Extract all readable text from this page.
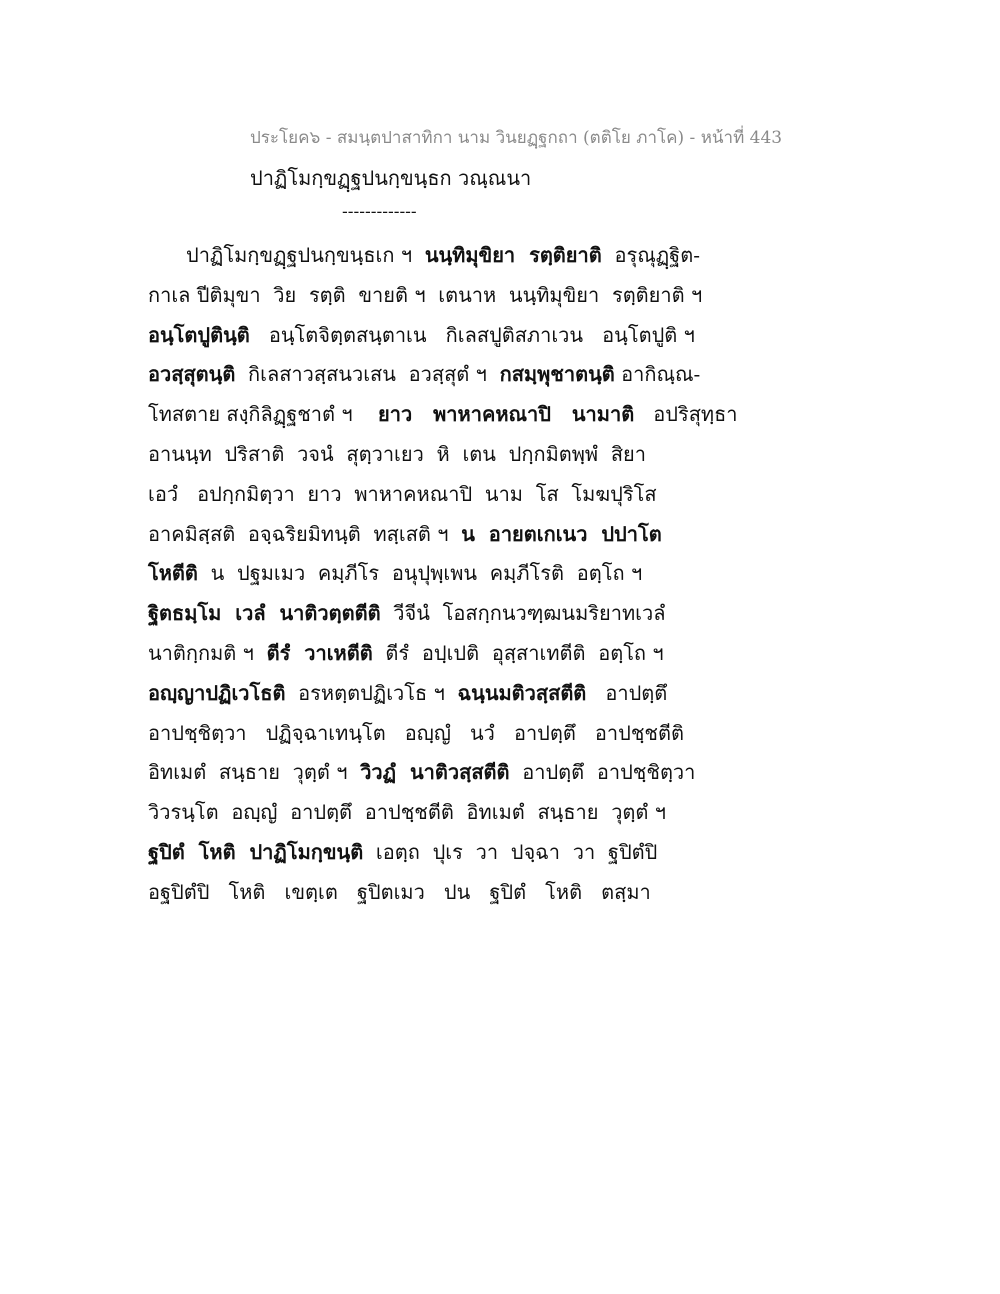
ประโยค๖ - สมนฺตปาสาทิกา นาม วินยฏฺฐกถา (ตติโย ภาโค) - หน้าที่ 443
ปาฏิโมกฺขฏฺฐปนกฺขนฺธก วณฺณนา
-------------
ปาฏิโมกฺขฏฺฐปนกฺขนฺธเก ฯ นนฺทิมุขิยา  รตฺติยาติ อรุณุฏฺฐิต-
กาเล ปีติมุขา  วิย  รตฺติ  ขายติ ฯ  เตนาห  นนฺทิมุขิยา  รตฺติยาติ ฯ
อนฺโตปูตินฺติ อนฺโตจิตฺตสนฺตาเน   กิเลสปูติสภาเวน   อนฺโตปูติ ฯ
อวสฺสุตนฺติ กิเลสาวสฺสนวเสน  อวสฺสุตํ ฯ กสมฺพุชาตนฺติ อากิณฺณ-
โทสตาย สงฺกิลิฏฺฐชาตํ ฯ ยาว   พาหาคหณาปิ   นามาติ อปริสุทฺธา
อานนฺท  ปริสาติ  วจนํ  สุตฺวาเยว  หิ  เตน  ปกฺกมิตพฺพํ  สิยา
เอวํ   อปกฺกมิตฺวา  ยาว  พาหาคหณาปิ  นาม  โส  โมฆปุริโส
อาคมิสฺสติ  อจฺฉริยมิทนฺติ  ทสฺเสติ ฯ น  อายตเกเนว  ปปาโต
โหตีติ น  ปฐมเมว  คมฺภีโร  อนุปุพฺเพน  คมฺภีโรติ  อตฺโถ ฯ
ฐิตธมฺโม  เวลํ  นาติวตฺตตีติ วีจีนํ  โอสกฺกนวฑฺฒนมริยาทเวลํ
นาติกฺกมติ ฯ ตีรํ  วาเหตีติ ตีรํ  อปฺเปติ  อุสฺสาเทตีติ  อตฺโถ ฯ
อญฺญาปฏิเวโธติ อรหตฺตปฏิเวโธ ฯ ฉนฺนมติวสฺสตีติ อาปตฺตึ
อาปชฺชิตฺวา   ปฏิจฺฉาเทนฺโต   อญฺญํ   นวํ   อาปตฺตึ   อาปชฺชตีติ
อิทเมตํ  สนฺธาย  วุตฺตํ ฯ วิวฏํ  นาติวสฺสตีติ อาปตฺตึ  อาปชฺชิตฺวา
วิวรนฺโต  อญฺญํ  อาปตฺตึ  อาปชฺชตีติ  อิทเมตํ  สนฺธาย  วุตฺตํ ฯ
ฐปิตํ  โหติ  ปาฏิโมกฺขนฺติ เอตฺถ  ปุเร  วา  ปจฺฉา  วา  ฐปิตํปิ
อฐปิตํปิ   โหติ   เขตฺเต   ฐปิตเมว   ปน   ฐปิตํ   โหติ   ตสฺมา
